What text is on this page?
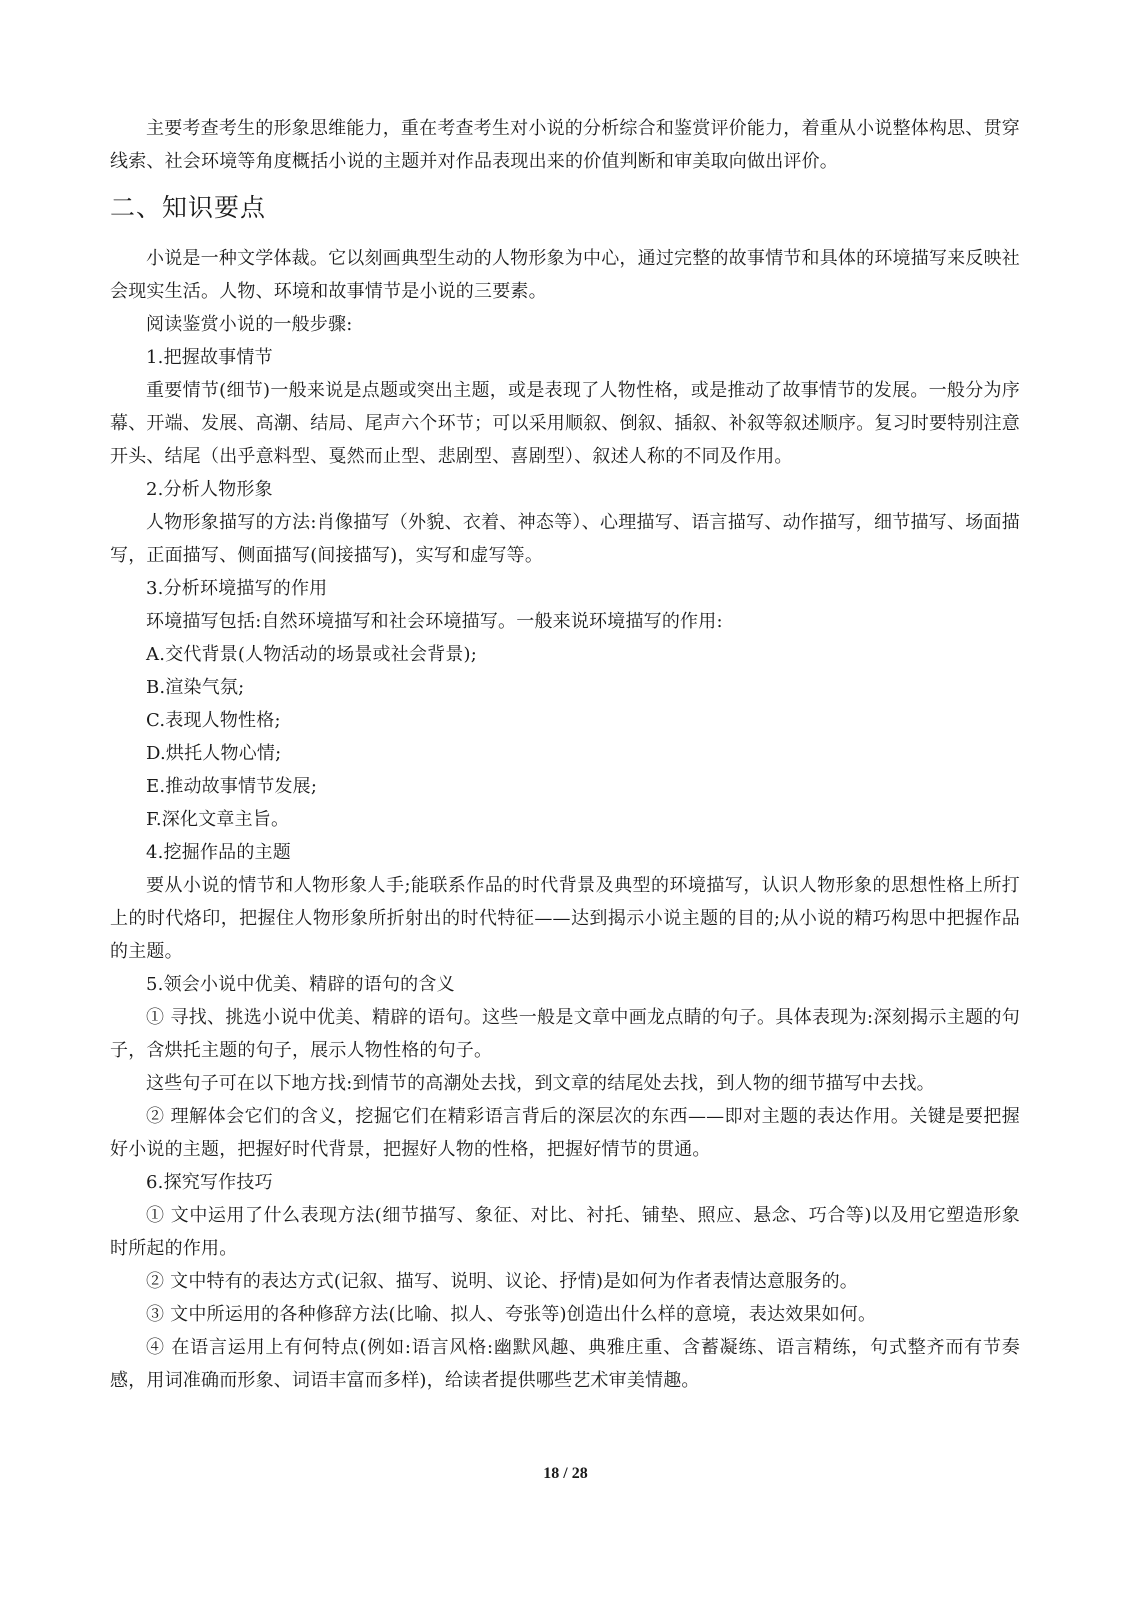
主要考查考生的形象思维能力，重在考查考生对小说的分析综合和鉴赏评价能力，着重从小说整体构思、贯穿线索、社会环境等角度概括小说的主题并对作品表现出来的价值判断和审美取向做出评价。

二、知识要点

小说是一种文学体裁。它以刻画典型生动的人物形象为中心，通过完整的故事情节和具体的环境描写来反映社会现实生活。人物、环境和故事情节是小说的三要素。

阅读鉴赏小说的一般步骤:

1.把握故事情节

重要情节(细节)一般来说是点题或突出主题，或是表现了人物性格，或是推动了故事情节的发展。一般分为序幕、开端、发展、高潮、结局、尾声六个环节；可以采用顺叙、倒叙、插叙、补叙等叙述顺序。复习时要特别注意开头、结尾（出乎意料型、戛然而止型、悲剧型、喜剧型）、叙述人称的不同及作用。

2.分析人物形象

人物形象描写的方法:肖像描写（外貌、衣着、神态等）、心理描写、语言描写、动作描写，细节描写、场面描写，正面描写、侧面描写(间接描写)，实写和虚写等。

3.分析环境描写的作用

环境描写包括:自然环境描写和社会环境描写。一般来说环境描写的作用:

A.交代背景(人物活动的场景或社会背景);

B.渲染气氛;

C.表现人物性格;

D.烘托人物心情;

E.推动故事情节发展;

F.深化文章主旨。

4.挖掘作品的主题

要从小说的情节和人物形象人手;能联系作品的时代背景及典型的环境描写，认识人物形象的思想性格上所打上的时代烙印，把握住人物形象所折射出的时代特征——达到揭示小说主题的目的;从小说的精巧构思中把握作品的主题。

5.领会小说中优美、精辟的语句的含义

① 寻找、挑选小说中优美、精辟的语句。这些一般是文章中画龙点睛的句子。具体表现为:深刻揭示主题的句子，含烘托主题的句子，展示人物性格的句子。

这些句子可在以下地方找:到情节的高潮处去找，到文章的结尾处去找，到人物的细节描写中去找。

② 理解体会它们的含义，挖掘它们在精彩语言背后的深层次的东西——即对主题的表达作用。关键是要把握好小说的主题，把握好时代背景，把握好人物的性格，把握好情节的贯通。

6.探究写作技巧

① 文中运用了什么表现方法(细节描写、象征、对比、衬托、铺垫、照应、悬念、巧合等)以及用它塑造形象时所起的作用。

② 文中特有的表达方式(记叙、描写、说明、议论、抒情)是如何为作者表情达意服务的。

③ 文中所运用的各种修辞方法(比喻、拟人、夸张等)创造出什么样的意境，表达效果如何。

④ 在语言运用上有何特点(例如:语言风格:幽默风趣、典雅庄重、含蓄凝练、语言精练，句式整齐而有节奏感，用词准确而形象、词语丰富而多样)，给读者提供哪些艺术审美情趣。

18 / 28
